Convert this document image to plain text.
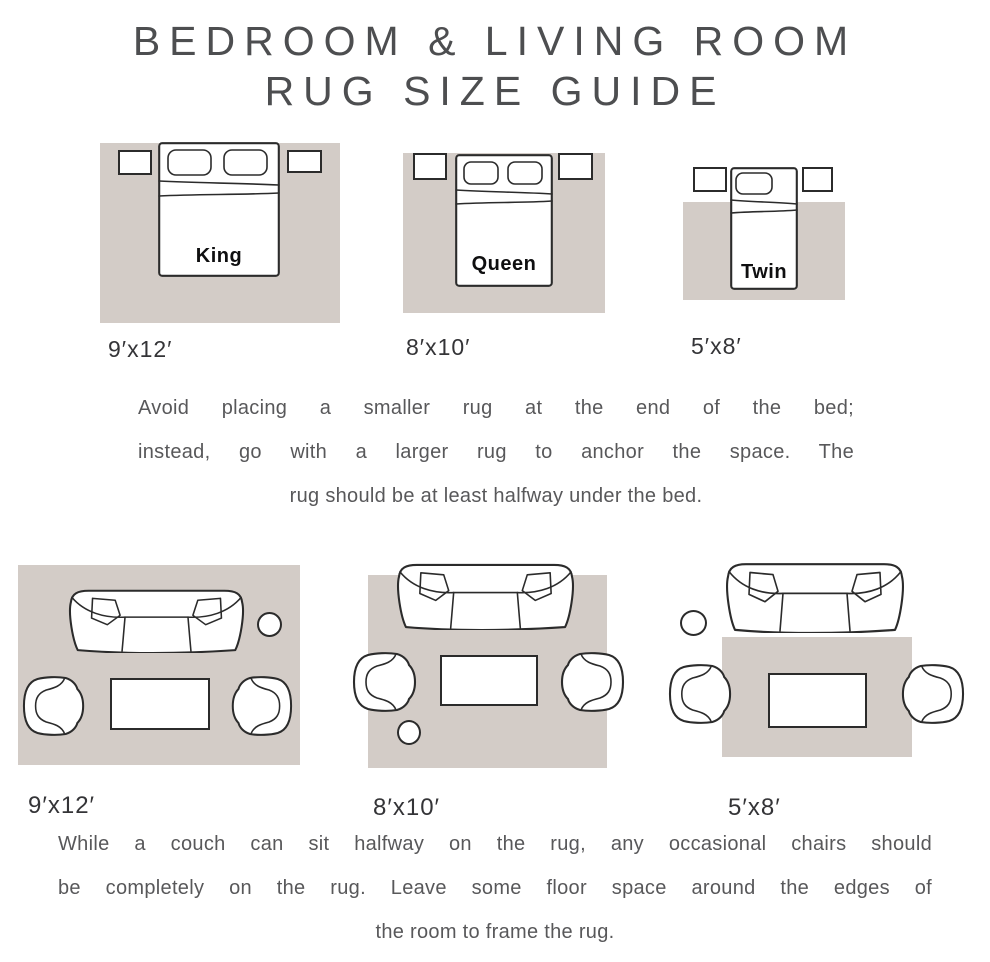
BEDROOM & LIVING ROOM
RUG SIZE GUIDE
King
9′x12′
Queen
8′x10′
Twin
5′x8′
Avoid placing a smaller rug at the end of the bed;
instead, go with a larger rug to anchor the space. The
rug should be at least halfway under the bed.
9′x12′	8′x10′	5′x8′
While a couch can sit halfway on the rug, any occasional chairs should
be completely on the rug. Leave some floor space around the edges of
the room to frame the rug.
